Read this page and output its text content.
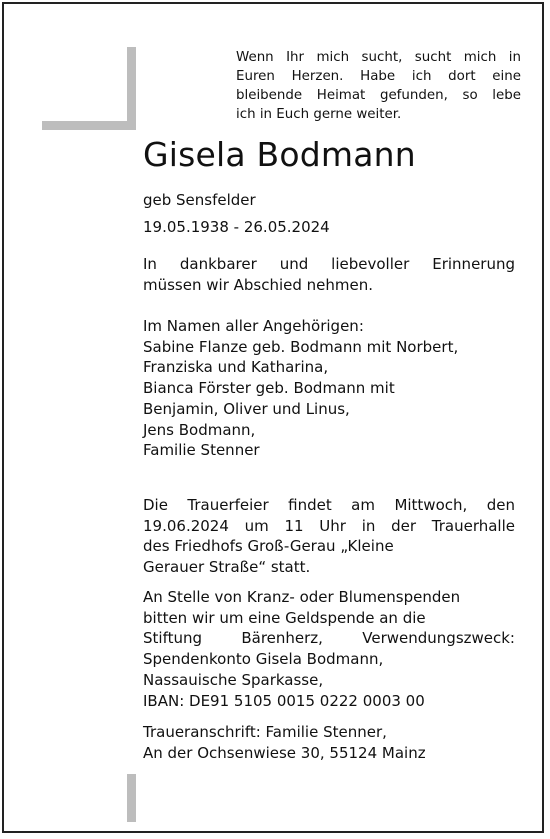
Wenn Ihr mich sucht, sucht mich in
Euren Herzen. Habe ich dort eine
bleibende Heimat gefunden, so lebe
ich in Euch gerne weiter.
Gisela Bodmann
geb Sensfelder
19.05.1938 - 26.05.2024
In dankbarer und liebevoller Erinnerung
müssen wir Abschied nehmen.
Im Namen aller Angehörigen:
Sabine Flanze geb. Bodmann mit Norbert,
Franziska und Katharina,
Bianca Förster geb. Bodmann mit
Benjamin, Oliver und Linus,
Jens Bodmann,
Familie Stenner
Die Trauerfeier findet am Mittwoch, den
19.06.2024 um 11 Uhr in der Trauerhalle
des Friedhofs Groß-Gerau „Kleine
Gerauer Straße“ statt.
An Stelle von Kranz- oder Blumenspenden
bitten wir um eine Geldspende an die
Stiftung Bärenherz, Verwendungszweck:
Spendenkonto Gisela Bodmann,
Nassauische Sparkasse,
IBAN: DE91 5105 0015 0222 0003 00
Traueranschrift: Familie Stenner,
An der Ochsenwiese 30, 55124 Mainz
